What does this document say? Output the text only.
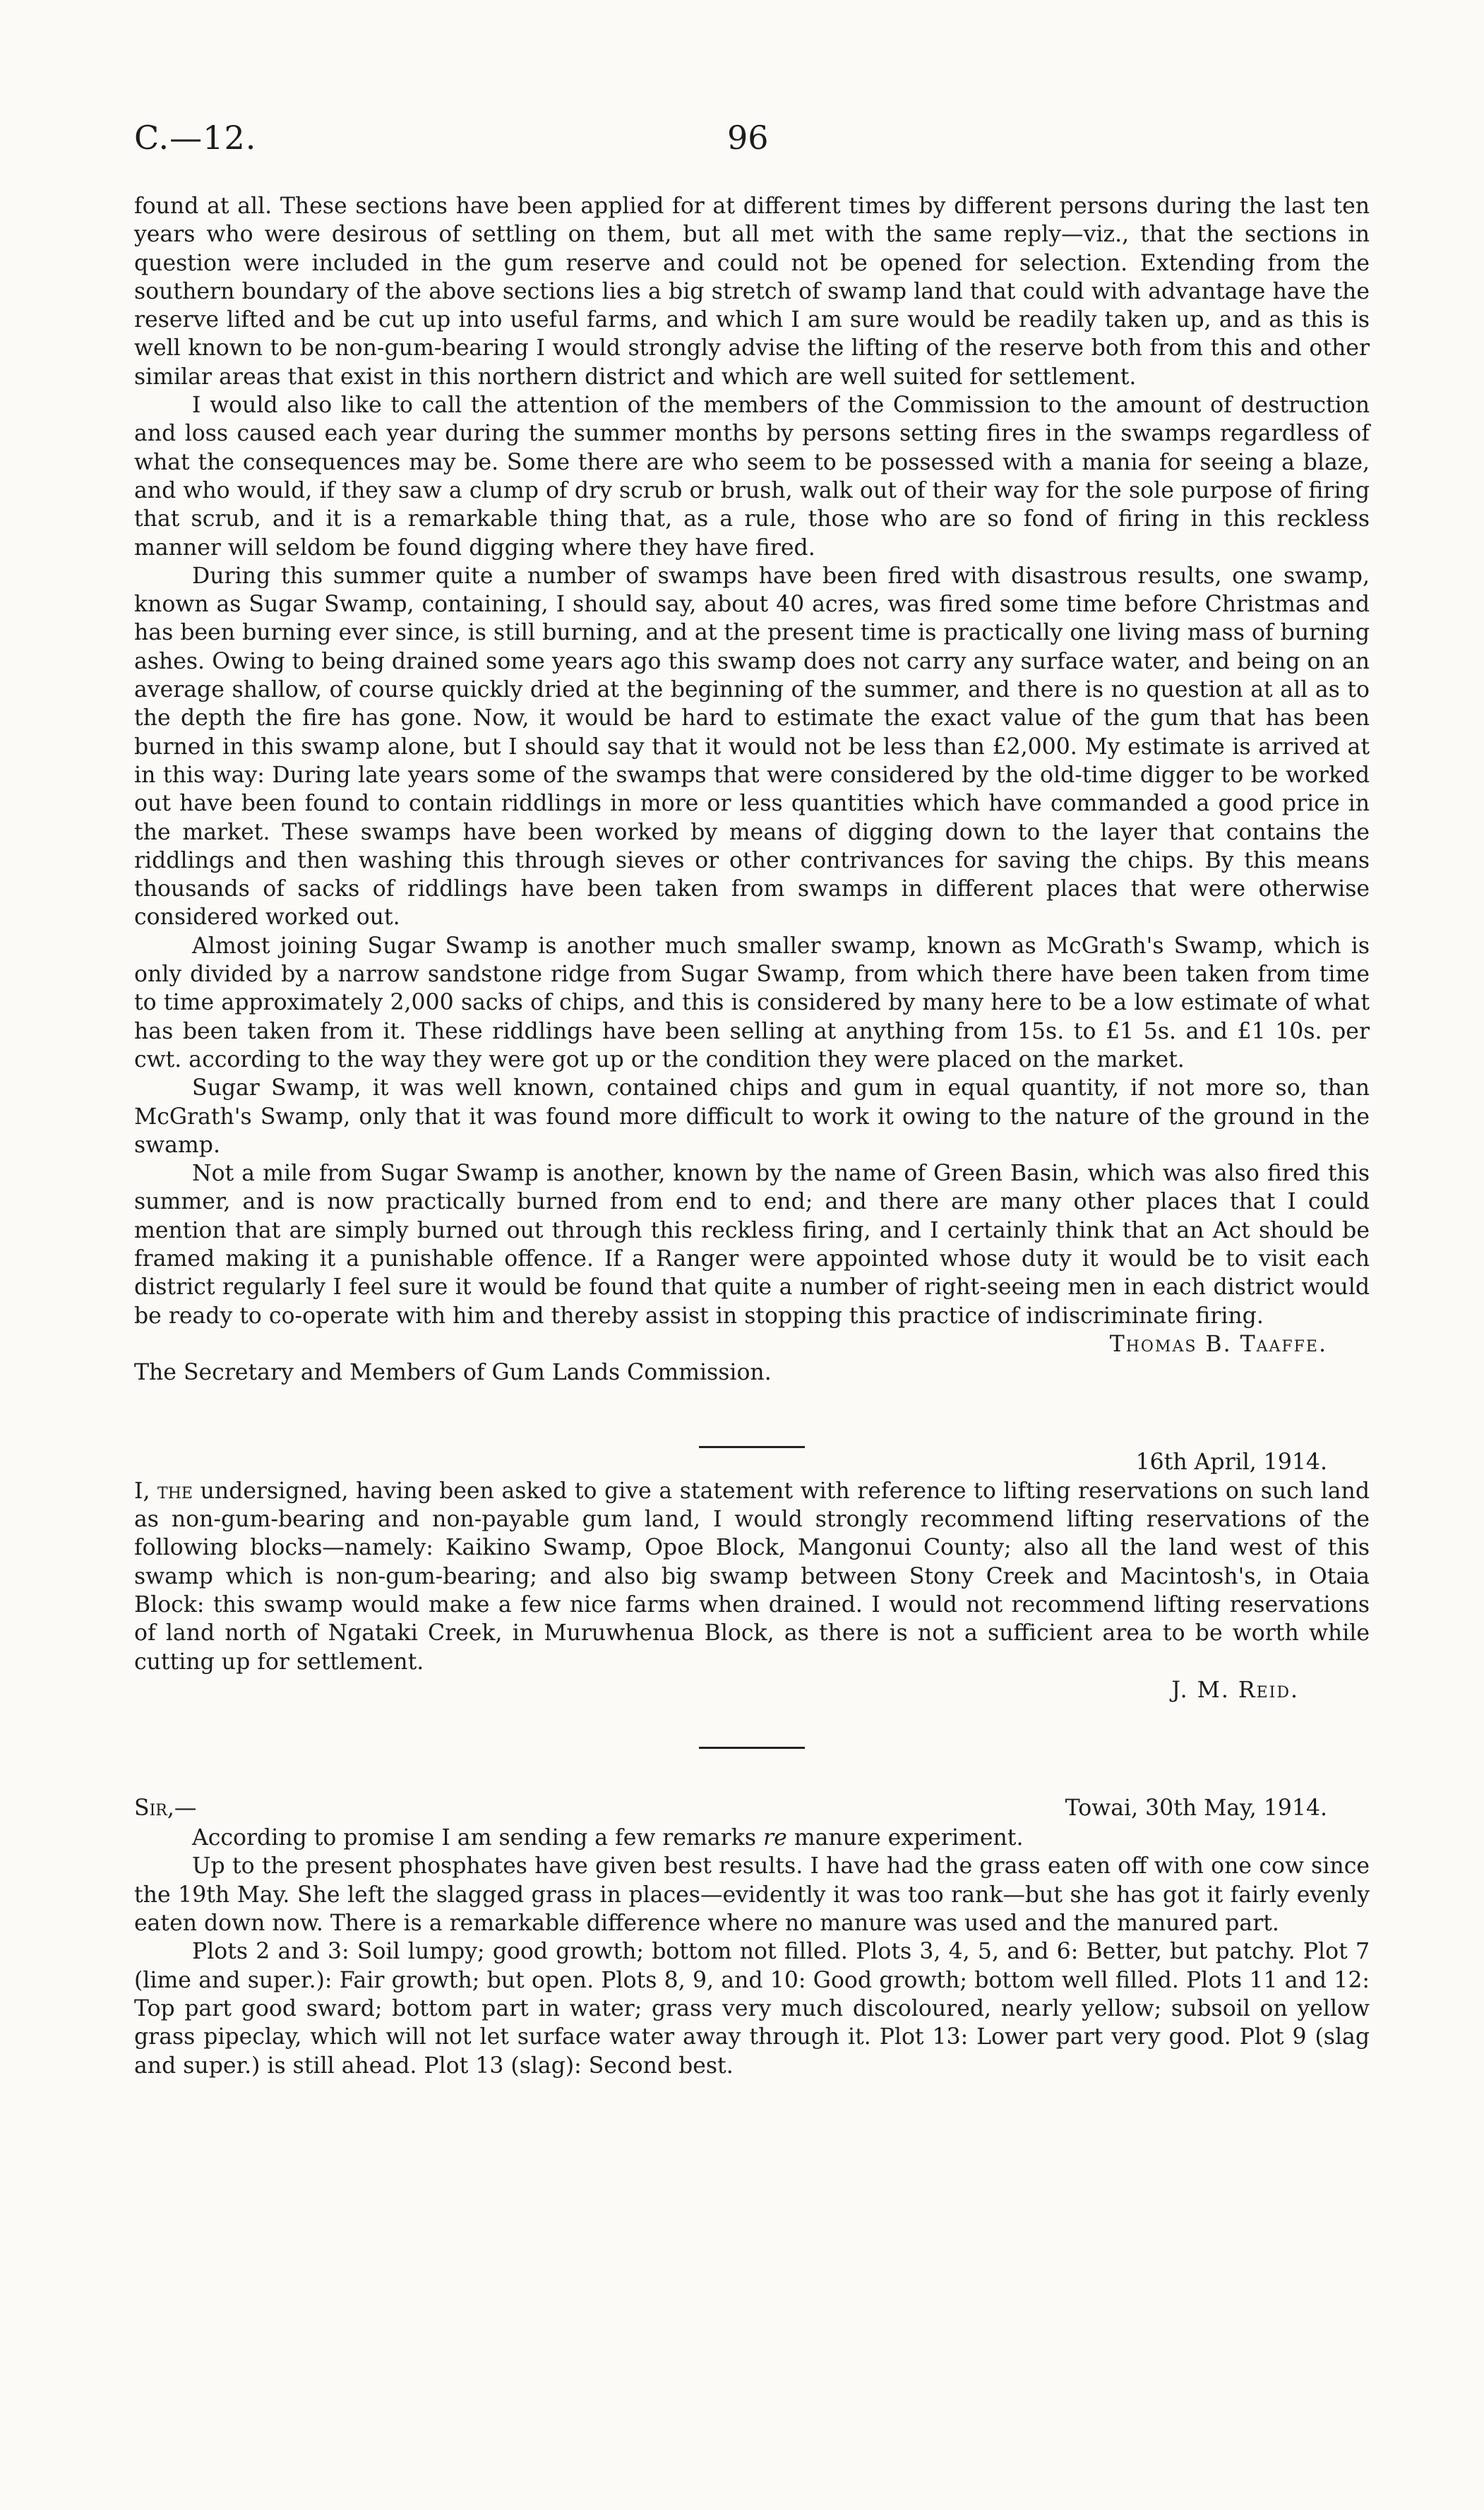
C.—12.	96

found at all. These sections have been applied for at different times by different persons during the last ten years who were desirous of settling on them, but all met with the same reply—viz., that the sections in question were included in the gum reserve and could not be opened for selection. Extending from the southern boundary of the above sections lies a big stretch of swamp land that could with advantage have the reserve lifted and be cut up into useful farms, and which I am sure would be readily taken up, and as this is well known to be non-gum-bearing I would strongly advise the lifting of the reserve both from this and other similar areas that exist in this northern district and which are well suited for settlement.

I would also like to call the attention of the members of the Commission to the amount of destruction and loss caused each year during the summer months by persons setting fires in the swamps regardless of what the consequences may be. Some there are who seem to be possessed with a mania for seeing a blaze, and who would, if they saw a clump of dry scrub or brush, walk out of their way for the sole purpose of firing that scrub, and it is a remarkable thing that, as a rule, those who are so fond of firing in this reckless manner will seldom be found digging where they have fired.

During this summer quite a number of swamps have been fired with disastrous results, one swamp, known as Sugar Swamp, containing, I should say, about 40 acres, was fired some time before Christmas and has been burning ever since, is still burning, and at the present time is practically one living mass of burning ashes. Owing to being drained some years ago this swamp does not carry any surface water, and being on an average shallow, of course quickly dried at the beginning of the summer, and there is no question at all as to the depth the fire has gone. Now, it would be hard to estimate the exact value of the gum that has been burned in this swamp alone, but I should say that it would not be less than £2,000. My estimate is arrived at in this way: During late years some of the swamps that were considered by the old-time digger to be worked out have been found to contain riddlings in more or less quantities which have commanded a good price in the market. These swamps have been worked by means of digging down to the layer that contains the riddlings and then washing this through sieves or other contrivances for saving the chips. By this means thousands of sacks of riddlings have been taken from swamps in different places that were otherwise considered worked out.

Almost joining Sugar Swamp is another much smaller swamp, known as McGrath's Swamp, which is only divided by a narrow sandstone ridge from Sugar Swamp, from which there have been taken from time to time approximately 2,000 sacks of chips, and this is considered by many here to be a low estimate of what has been taken from it. These riddlings have been selling at anything from 15s. to £1 5s. and £1 10s. per cwt. according to the way they were got up or the condition they were placed on the market.

Sugar Swamp, it was well known, contained chips and gum in equal quantity, if not more so, than McGrath's Swamp, only that it was found more difficult to work it owing to the nature of the ground in the swamp.

Not a mile from Sugar Swamp is another, known by the name of Green Basin, which was also fired this summer, and is now practically burned from end to end; and there are many other places that I could mention that are simply burned out through this reckless firing, and I certainly think that an Act should be framed making it a punishable offence. If a Ranger were appointed whose duty it would be to visit each district regularly I feel sure it would be found that quite a number of right-seeing men in each district would be ready to co-operate with him and thereby assist in stopping this practice of indiscriminate firing.

Thomas B. Taaffe.

The Secretary and Members of Gum Lands Commission.

16th April, 1914.

I, the undersigned, having been asked to give a statement with reference to lifting reservations on such land as non-gum-bearing and non-payable gum land, I would strongly recommend lifting reservations of the following blocks—namely: Kaikino Swamp, Opoe Block, Mangonui County; also all the land west of this swamp which is non-gum-bearing; and also big swamp between Stony Creek and Macintosh's, in Otaia Block: this swamp would make a few nice farms when drained. I would not recommend lifting reservations of land north of Ngataki Creek, in Muruwhenua Block, as there is not a sufficient area to be worth while cutting up for settlement.

J. M. Reid.

Sir,—	Towai, 30th May, 1914.

According to promise I am sending a few remarks re manure experiment.

Up to the present phosphates have given best results. I have had the grass eaten off with one cow since the 19th May. She left the slagged grass in places—evidently it was too rank—but she has got it fairly evenly eaten down now. There is a remarkable difference where no manure was used and the manured part.

Plots 2 and 3: Soil lumpy; good growth; bottom not filled. Plots 3, 4, 5, and 6: Better, but patchy. Plot 7 (lime and super.): Fair growth; but open. Plots 8, 9, and 10: Good growth; bottom well filled. Plots 11 and 12: Top part good sward; bottom part in water; grass very much discoloured, nearly yellow; subsoil on yellow grass pipeclay, which will not let surface water away through it. Plot 13: Lower part very good. Plot 9 (slag and super.) is still ahead. Plot 13 (slag): Second best.
